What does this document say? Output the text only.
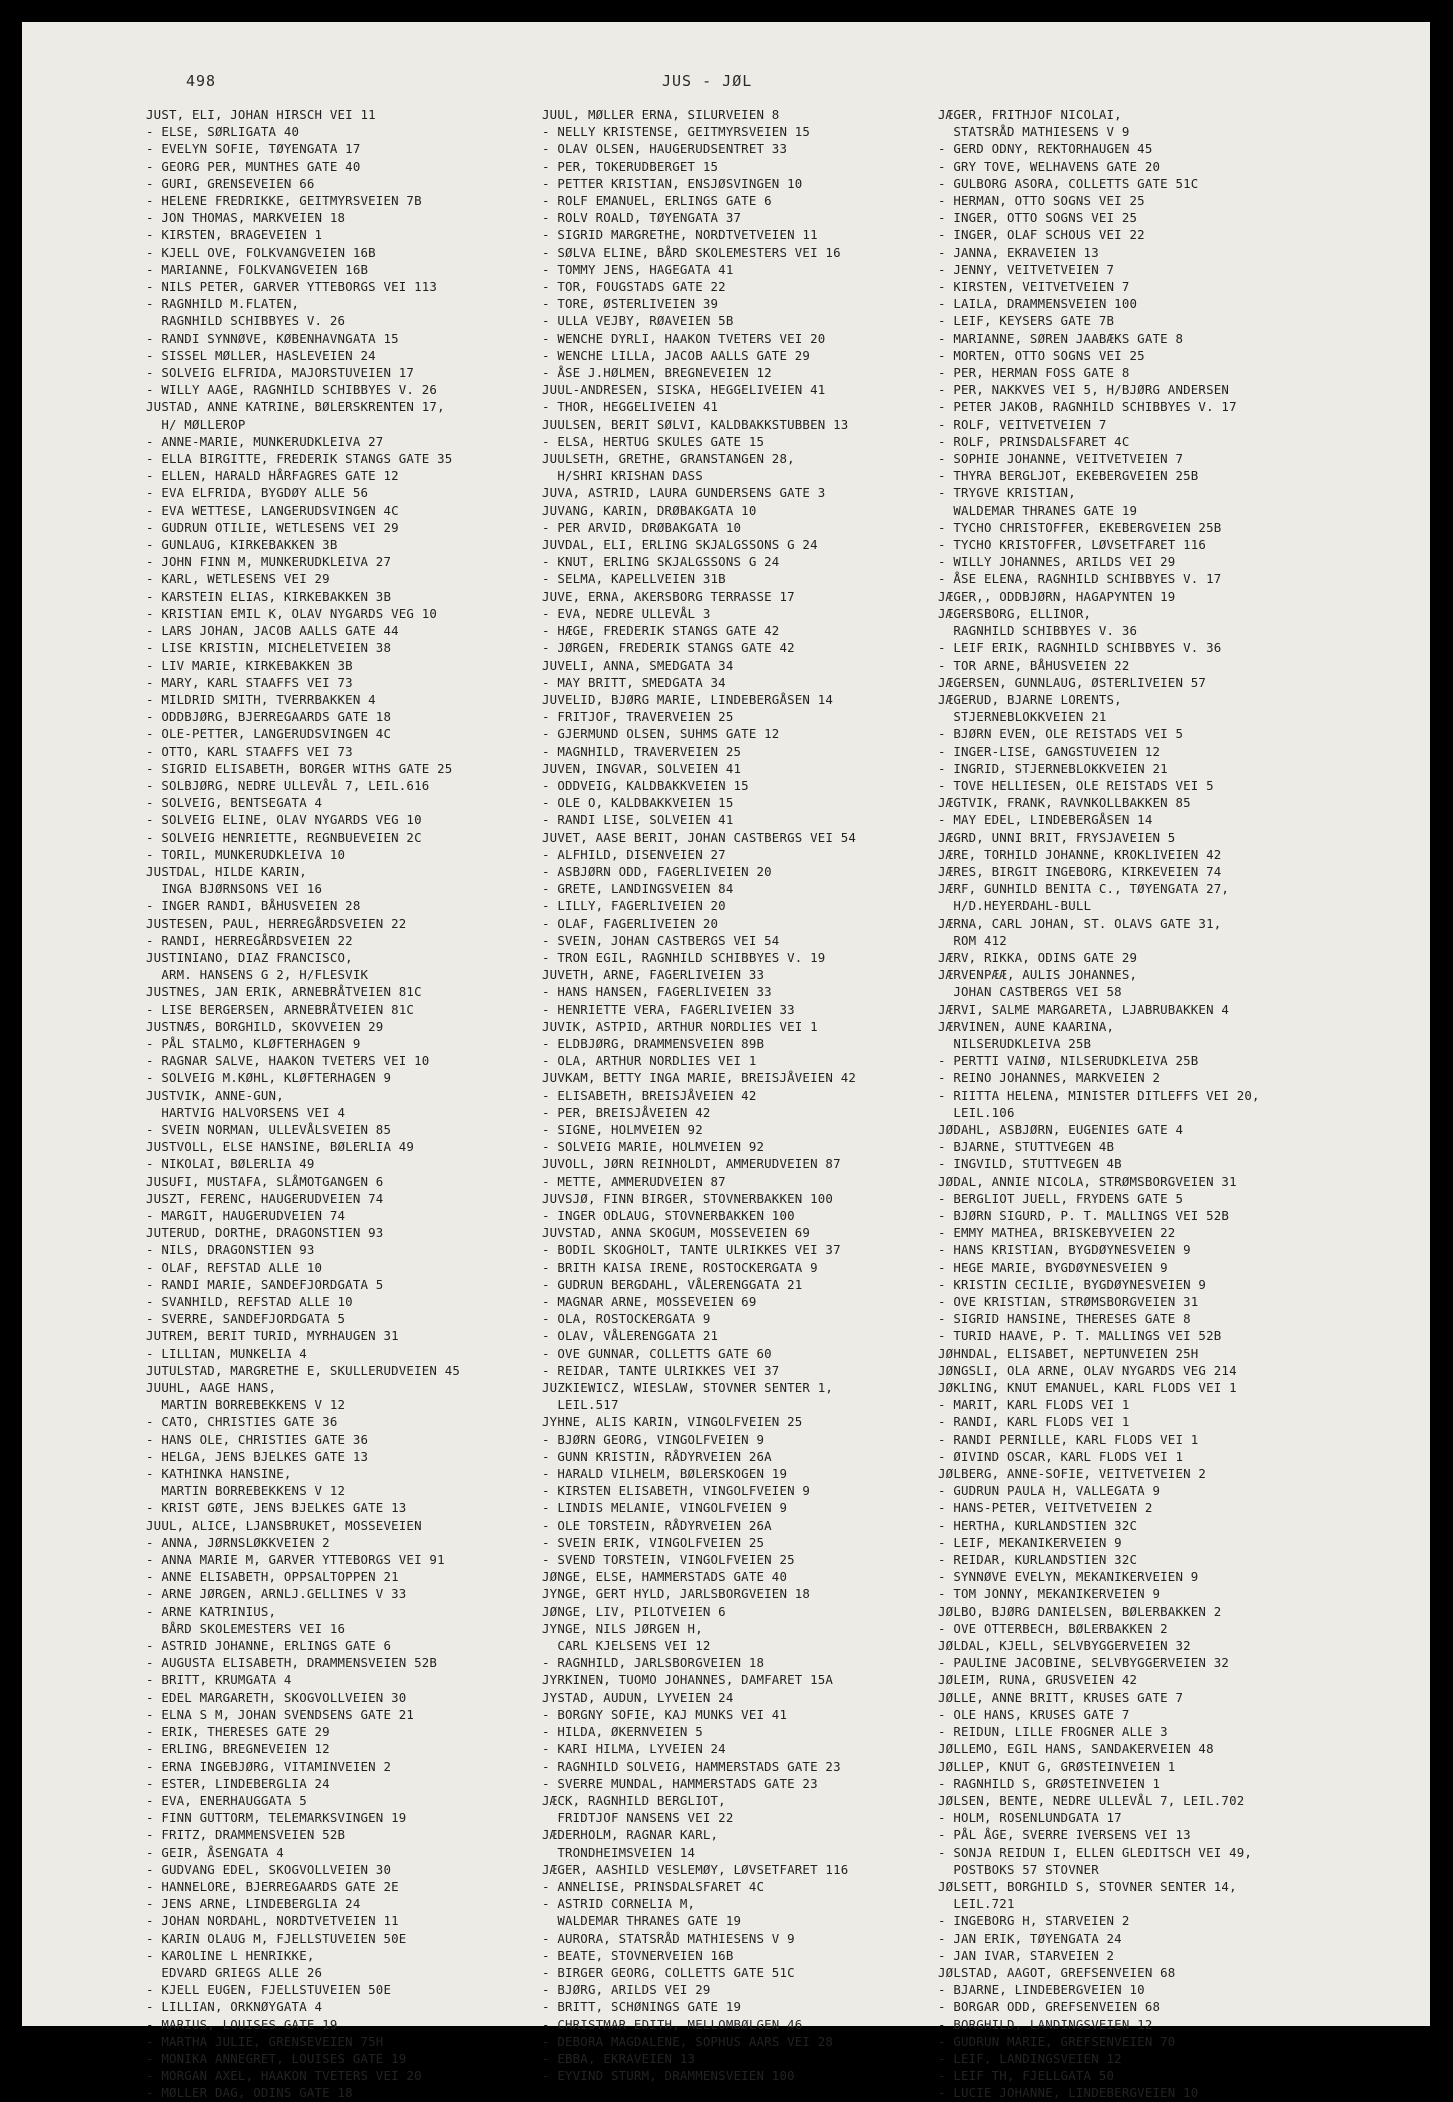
498	JUS - JØL
JUST, ELI, JOHAN HIRSCH VEI 11
- ELSE, SØRLIGATA 40
- EVELYN SOFIE, TØYENGATA 17
- GEORG PER, MUNTHES GATE 40
- GURI, GRENSEVEIEN 66
- HELENE FREDRIKKE, GEITMYRSVEIEN 7B
- JON THOMAS, MARKVEIEN 18
- KIRSTEN, BRAGEVEIEN 1
- KJELL OVE, FOLKVANGVEIEN 16B
- MARIANNE, FOLKVANGVEIEN 16B
- NILS PETER, GARVER YTTEBORGS VEI 113
- RAGNHILD M.FLATEN,
RAGNHILD SCHIBBYES V. 26
- RANDI SYNNØVE, KØBENHAVNGATA 15
- SISSEL MØLLER, HASLEVEIEN 24
- SOLVEIG ELFRIDA, MAJORSTUVEIEN 17
- WILLY AAGE, RAGNHILD SCHIBBYES V. 26
JUSTAD, ANNE KATRINE, BØLERSKRENTEN 17,
H/ MØLLEROP
- ANNE-MARIE, MUNKERUDKLEIVA 27
- ELLA BIRGITTE, FREDERIK STANGS GATE 35
- ELLEN, HARALD HÅRFAGRES GATE 12
- EVA ELFRIDA, BYGDØY ALLE 56
- EVA WETTESE, LANGERUDSVINGEN 4C
- GUDRUN OTILIE, WETLESENS VEI 29
- GUNLAUG, KIRKEBAKKEN 3B
- JOHN FINN M, MUNKERUDKLEIVA 27
- KARL, WETLESENS VEI 29
- KARSTEIN ELIAS, KIRKEBAKKEN 3B
- KRISTIAN EMIL K, OLAV NYGARDS VEG 10
- LARS JOHAN, JACOB AALLS GATE 44
- LISE KRISTIN, MICHELETVEIEN 38
- LIV MARIE, KIRKEBAKKEN 3B
- MARY, KARL STAAFFS VEI 73
- MILDRID SMITH, TVERRBAKKEN 4
- ODDBJØRG, BJERREGAARDS GATE 18
- OLE-PETTER, LANGERUDSVINGEN 4C
- OTTO, KARL STAAFFS VEI 73
- SIGRID ELISABETH, BORGER WITHS GATE 25
- SOLBJØRG, NEDRE ULLEVÅL 7, LEIL.616
- SOLVEIG, BENTSEGATA 4
- SOLVEIG ELINE, OLAV NYGARDS VEG 10
- SOLVEIG HENRIETTE, REGNBUEVEIEN 2C
- TORIL, MUNKERUDKLEIVA 10
JUSTDAL, HILDE KARIN,
INGA BJØRNSONS VEI 16
- INGER RANDI, BÅHUSVEIEN 28
JUSTESEN, PAUL, HERREGÅRDSVEIEN 22
- RANDI, HERREGÅRDSVEIEN 22
JUSTINIANO, DIAZ FRANCISCO,
ARM. HANSENS G 2, H/FLESVIK
JUSTNES, JAN ERIK, ARNEBRÅTVEIEN 81C
- LISE BERGERSEN, ARNEBRÅTVEIEN 81C
JUSTNÆS, BORGHILD, SKOVVEIEN 29
- PÅL STALMO, KLØFTERHAGEN 9
- RAGNAR SALVE, HAAKON TVETERS VEI 10
- SOLVEIG M.KØHL, KLØFTERHAGEN 9
JUSTVIK, ANNE-GUN,
HARTVIG HALVORSENS VEI 4
- SVEIN NORMAN, ULLEVÅLSVEIEN 85
JUSTVOLL, ELSE HANSINE, BØLERLIA 49
- NIKOLAI, BØLERLIA 49
JUSUFI, MUSTAFA, SLÅMOTGANGEN 6
JUSZT, FERENC, HAUGERUDVEIEN 74
- MARGIT, HAUGERUDVEIEN 74
JUTERUD, DORTHE, DRAGONSTIEN 93
- NILS, DRAGONSTIEN 93
- OLAF, REFSTAD ALLE 10
- RANDI MARIE, SANDEFJORDGATA 5
- SVANHILD, REFSTAD ALLE 10
- SVERRE, SANDEFJORDGATA 5
JUTREM, BERIT TURID, MYRHAUGEN 31
- LILLIAN, MUNKELIA 4
JUTULSTAD, MARGRETHE E, SKULLERUDVEIEN 45
JUUHL, AAGE HANS,
MARTIN BORREBEKKENS V 12
- CATO, CHRISTIES GATE 36
- HANS OLE, CHRISTIES GATE 36
- HELGA, JENS BJELKES GATE 13
- KATHINKA HANSINE,
MARTIN BORREBEKKENS V 12
- KRIST GØTE, JENS BJELKES GATE 13
JUUL, ALICE, LJANSBRUKET, MOSSEVEIEN
- ANNA, JØRNSLØKKVEIEN 2
- ANNA MARIE M, GARVER YTTEBORGS VEI 91
- ANNE ELISABETH, OPPSALTOPPEN 21
- ARNE JØRGEN, ARNLJ.GELLINES V 33
- ARNE KATRINIUS,
BÅRD SKOLEMESTERS VEI 16
- ASTRID JOHANNE, ERLINGS GATE 6
- AUGUSTA ELISABETH, DRAMMENSVEIEN 52B
- BRITT, KRUMGATA 4
- EDEL MARGARETH, SKOGVOLLVEIEN 30
- ELNA S M, JOHAN SVENDSENS GATE 21
- ERIK, THERESES GATE 29
- ERLING, BREGNEVEIEN 12
- ERNA INGEBJØRG, VITAMINVEIEN 2
- ESTER, LINDEBERGLIA 24
- EVA, ENERHAUGGATA 5
- FINN GUTTORM, TELEMARKSVINGEN 19
- FRITZ, DRAMMENSVEIEN 52B
- GEIR, ÅSENGATA 4
- GUDVANG EDEL, SKOGVOLLVEIEN 30
- HANNELORE, BJERREGAARDS GATE 2E
- JENS ARNE, LINDEBERGLIA 24
- JOHAN NORDAHL, NORDTVETVEIEN 11
- KARIN OLAUG M, FJELLSTUVEIEN 50E
- KAROLINE L HENRIKKE,
EDVARD GRIEGS ALLE 26
- KJELL EUGEN, FJELLSTUVEIEN 50E
- LILLIAN, ORKNØYGATA 4
- MARIUS, LOUISES GATE 19
- MARTHA JULIE, GRENSEVEIEN 75H
- MONIKA ANNEGRET, LOUISES GATE 19
- MORGAN AXEL, HAAKON TVETERS VEI 20
- MØLLER DAG, ODINS GATE 18
JUUL, MØLLER ERNA, SILURVEIEN 8
- NELLY KRISTENSE, GEITMYRSVEIEN 15
- OLAV OLSEN, HAUGERUDSENTRET 33
- PER, TOKERUDBERGET 15
- PETTER KRISTIAN, ENSJØSVINGEN 10
- ROLF EMANUEL, ERLINGS GATE 6
- ROLV ROALD, TØYENGATA 37
- SIGRID MARGRETHE, NORDTVETVEIEN 11
- SØLVA ELINE, BÅRD SKOLEMESTERS VEI 16
- TOMMY JENS, HAGEGATA 41
- TOR, FOUGSTADS GATE 22
- TORE, ØSTERLIVEIEN 39
- ULLA VEJBY, RØAVEIEN 5B
- WENCHE DYRLI, HAAKON TVETERS VEI 20
- WENCHE LILLA, JACOB AALLS GATE 29
- ÅSE J.HØLMEN, BREGNEVEIEN 12
JUUL-ANDRESEN, SISKA, HEGGELIVEIEN 41
- THOR, HEGGELIVEIEN 41
JUULSEN, BERIT SØLVI, KALDBAKKSTUBBEN 13
- ELSA, HERTUG SKULES GATE 15
JUULSETH, GRETHE, GRANSTANGEN 28,
H/SHRI KRISHAN DASS
JUVA, ASTRID, LAURA GUNDERSENS GATE 3
JUVANG, KARIN, DRØBAKGATA 10
- PER ARVID, DRØBAKGATA 10
JUVDAL, ELI, ERLING SKJALGSSONS G 24
- KNUT, ERLING SKJALGSSONS G 24
- SELMA, KAPELLVEIEN 31B
JUVE, ERNA, AKERSBORG TERRASSE 17
- EVA, NEDRE ULLEVÅL 3
- HÆGE, FREDERIK STANGS GATE 42
- JØRGEN, FREDERIK STANGS GATE 42
JUVELI, ANNA, SMEDGATA 34
- MAY BRITT, SMEDGATA 34
JUVELID, BJØRG MARIE, LINDEBERGÅSEN 14
- FRITJOF, TRAVERVEIEN 25
- GJERMUND OLSEN, SUHMS GATE 12
- MAGNHILD, TRAVERVEIEN 25
JUVEN, INGVAR, SOLVEIEN 41
- ODDVEIG, KALDBAKKVEIEN 15
- OLE O, KALDBAKKVEIEN 15
- RANDI LISE, SOLVEIEN 41
JUVET, AASE BERIT, JOHAN CASTBERGS VEI 54
- ALFHILD, DISENVEIEN 27
- ASBJØRN ODD, FAGERLIVEIEN 20
- GRETE, LANDINGSVEIEN 84
- LILLY, FAGERLIVEIEN 20
- OLAF, FAGERLIVEIEN 20
- SVEIN, JOHAN CASTBERGS VEI 54
- TRON EGIL, RAGNHILD SCHIBBYES V. 19
JUVETH, ARNE, FAGERLIVEIEN 33
- HANS HANSEN, FAGERLIVEIEN 33
- HENRIETTE VERA, FAGERLIVEIEN 33
JUVIK, ASTPID, ARTHUR NORDLIES VEI 1
- ELDBJØRG, DRAMMENSVEIEN 89B
- OLA, ARTHUR NORDLIES VEI 1
JUVKAM, BETTY INGA MARIE, BREISJÅVEIEN 42
- ELISABETH, BREISJÅVEIEN 42
- PER, BREISJÅVEIEN 42
- SIGNE, HOLMVEIEN 92
- SOLVEIG MARIE, HOLMVEIEN 92
JUVOLL, JØRN REINHOLDT, AMMERUDVEIEN 87
- METTE, AMMERUDVEIEN 87
JUVSJØ, FINN BIRGER, STOVNERBAKKEN 100
- INGER ODLAUG, STOVNERBAKKEN 100
JUVSTAD, ANNA SKOGUM, MOSSEVEIEN 69
- BODIL SKOGHOLT, TANTE ULRIKKES VEI 37
- BRITH KAISA IRENE, ROSTOCKERGATA 9
- GUDRUN BERGDAHL, VÅLERENGGATA 21
- MAGNAR ARNE, MOSSEVEIEN 69
- OLA, ROSTOCKERGATA 9
- OLAV, VÅLERENGGATA 21
- OVE GUNNAR, COLLETTS GATE 60
- REIDAR, TANTE ULRIKKES VEI 37
JUZKIEWICZ, WIESLAW, STOVNER SENTER 1,
LEIL.517
JYHNE, ALIS KARIN, VINGOLFVEIEN 25
- BJØRN GEORG, VINGOLFVEIEN 9
- GUNN KRISTIN, RÅDYRVEIEN 26A
- HARALD VILHELM, BØLERSKOGEN 19
- KIRSTEN ELISABETH, VINGOLFVEIEN 9
- LINDIS MELANIE, VINGOLFVEIEN 9
- OLE TORSTEIN, RÅDYRVEIEN 26A
- SVEIN ERIK, VINGOLFVEIEN 25
- SVEND TORSTEIN, VINGOLFVEIEN 25
JØNGE, ELSE, HAMMERSTADS GATE 40
JYNGE, GERT HYLD, JARLSBORGVEIEN 18
JØNGE, LIV, PILOTVEIEN 6
JYNGE, NILS JØRGEN H,
CARL KJELSENS VEI 12
- RAGNHILD, JARLSBORGVEIEN 18
JYRKINEN, TUOMO JOHANNES, DAMFARET 15A
JYSTAD, AUDUN, LYVEIEN 24
- BORGNY SOFIE, KAJ MUNKS VEI 41
- HILDA, ØKERNVEIEN 5
- KARI HILMA, LYVEIEN 24
- RAGNHILD SOLVEIG, HAMMERSTADS GATE 23
- SVERRE MUNDAL, HAMMERSTADS GATE 23
JÆCK, RAGNHILD BERGLIOT,
FRIDTJOF NANSENS VEI 22
JÆDERHOLM, RAGNAR KARL,
TRONDHEIMSVEIEN 14
JÆGER, AASHILD VESLEMØY, LØVSETFARET 116
- ANNELISE, PRINSDALSFARET 4C
- ASTRID CORNELIA M,
WALDEMAR THRANES GATE 19
- AURORA, STATSRÅD MATHIESENS V 9
- BEATE, STOVNERVEIEN 16B
- BIRGER GEORG, COLLETTS GATE 51C
- BJØRG, ARILDS VEI 29
- BRITT, SCHØNINGS GATE 19
- CHRISTMAR EDITH, MELLOMBØLGEN 46
- DEBORA MAGDALENE, SOPHUS AARS VEI 28
- EBBA, EKRAVEIEN 13
- EYVIND STURM, DRAMMENSVEIEN 100
JÆGER, FRITHJOF NICOLAI,
STATSRÅD MATHIESENS V 9
- GERD ODNY, REKTORHAUGEN 45
- GRY TOVE, WELHAVENS GATE 20
- GULBORG ASORA, COLLETTS GATE 51C
- HERMAN, OTTO SOGNS VEI 25
- INGER, OTTO SOGNS VEI 25
- INGER, OLAF SCHOUS VEI 22
- JANNA, EKRAVEIEN 13
- JENNY, VEITVETVEIEN 7
- KIRSTEN, VEITVETVEIEN 7
- LAILA, DRAMMENSVEIEN 100
- LEIF, KEYSERS GATE 7B
- MARIANNE, SØREN JAABÆKS GATE 8
- MORTEN, OTTO SOGNS VEI 25
- PER, HERMAN FOSS GATE 8
- PER, NAKKVES VEI 5, H/BJØRG ANDERSEN
- PETER JAKOB, RAGNHILD SCHIBBYES V. 17
- ROLF, VEITVETVEIEN 7
- ROLF, PRINSDALSFARET 4C
- SOPHIE JOHANNE, VEITVETVEIEN 7
- THYRA BERGLJOT, EKEBERGVEIEN 25B
- TRYGVE KRISTIAN,
WALDEMAR THRANES GATE 19
- TYCHO CHRISTOFFER, EKEBERGVEIEN 25B
- TYCHO KRISTOFFER, LØVSETFARET 116
- WILLY JOHANNES, ARILDS VEI 29
- ÅSE ELENA, RAGNHILD SCHIBBYES V. 17
JÆGER,, ODDBJØRN, HAGAPYNTEN 19
JÆGERSBORG, ELLINOR,
RAGNHILD SCHIBBYES V. 36
- LEIF ERIK, RAGNHILD SCHIBBYES V. 36
- TOR ARNE, BÅHUSVEIEN 22
JÆGERSEN, GUNNLAUG, ØSTERLIVEIEN 57
JÆGERUD, BJARNE LORENTS,
STJERNEBLOKKVEIEN 21
- BJØRN EVEN, OLE REISTADS VEI 5
- INGER-LISE, GANGSTUVEIEN 12
- INGRID, STJERNEBLOKKVEIEN 21
- TOVE HELLIESEN, OLE REISTADS VEI 5
JÆGTVIK, FRANK, RAVNKOLLBAKKEN 85
- MAY EDEL, LINDEBERGÅSEN 14
JÆGRD, UNNI BRIT, FRYSJAVEIEN 5
JÆRE, TORHILD JOHANNE, KROKLIVEIEN 42
JÆRES, BIRGIT INGEBORG, KIRKEVEIEN 74
JÆRF, GUNHILD BENITA C., TØYENGATA 27,
H/D.HEYERDAHL-BULL
JÆRNA, CARL JOHAN, ST. OLAVS GATE 31,
ROM 412
JÆRV, RIKKA, ODINS GATE 29
JÆRVENPÆÆ, AULIS JOHANNES,
JOHAN CASTBERGS VEI 58
JÆRVI, SALME MARGARETA, LJABRUBAKKEN 4
JÆRVINEN, AUNE KAARINA,
NILSERUDKLEIVA 25B
- PERTTI VAINØ, NILSERUDKLEIVA 25B
- REINO JOHANNES, MARKVEIEN 2
- RIITTA HELENA, MINISTER DITLEFFS VEI 20,
LEIL.106
JØDAHL, ASBJØRN, EUGENIES GATE 4
- BJARNE, STUTTVEGEN 4B
- INGVILD, STUTTVEGEN 4B
JØDAL, ANNIE NICOLA, STRØMSBORGVEIEN 31
- BERGLIOT JUELL, FRYDENS GATE 5
- BJØRN SIGURD, P. T. MALLINGS VEI 52B
- EMMY MATHEA, BRISKEBYVEIEN 22
- HANS KRISTIAN, BYGDØYNESVEIEN 9
- HEGE MARIE, BYGDØYNESVEIEN 9
- KRISTIN CECILIE, BYGDØYNESVEIEN 9
- OVE KRISTIAN, STRØMSBORGVEIEN 31
- SIGRID HANSINE, THERESES GATE 8
- TURID HAAVE, P. T. MALLINGS VEI 52B
JØHNDAL, ELISABET, NEPTUNVEIEN 25H
JØNGSLI, OLA ARNE, OLAV NYGARDS VEG 214
JØKLING, KNUT EMANUEL, KARL FLODS VEI 1
- MARIT, KARL FLODS VEI 1
- RANDI, KARL FLODS VEI 1
- RANDI PERNILLE, KARL FLODS VEI 1
- ØIVIND OSCAR, KARL FLODS VEI 1
JØLBERG, ANNE-SOFIE, VEITVETVEIEN 2
- GUDRUN PAULA H, VALLEGATA 9
- HANS-PETER, VEITVETVEIEN 2
- HERTHA, KURLANDSTIEN 32C
- LEIF, MEKANIKERVEIEN 9
- REIDAR, KURLANDSTIEN 32C
- SYNNØVE EVELYN, MEKANIKERVEIEN 9
- TOM JONNY, MEKANIKERVEIEN 9
JØLBO, BJØRG DANIELSEN, BØLERBAKKEN 2
- OVE OTTERBECH, BØLERBAKKEN 2
JØLDAL, KJELL, SELVBYGGERVEIEN 32
- PAULINE JACOBINE, SELVBYGGERVEIEN 32
JØLEIM, RUNA, GRUSVEIEN 42
JØLLE, ANNE BRITT, KRUSES GATE 7
- OLE HANS, KRUSES GATE 7
- REIDUN, LILLE FROGNER ALLE 3
JØLLEMO, EGIL HANS, SANDAKERVEIEN 48
JØLLEP, KNUT G, GRØSTEINVEIEN 1
- RAGNHILD S, GRØSTEINVEIEN 1
JØLSEN, BENTE, NEDRE ULLEVÅL 7, LEIL.702
- HOLM, ROSENLUNDGATA 17
- PÅL ÅGE, SVERRE IVERSENS VEI 13
- SONJA REIDUN I, ELLEN GLEDITSCH VEI 49,
POSTBOKS 57 STOVNER
JØLSETT, BORGHILD S, STOVNER SENTER 14,
LEIL.721
- INGEBORG H, STARVEIEN 2
- JAN ERIK, TØYENGATA 24
- JAN IVAR, STARVEIEN 2
JØLSTAD, AAGOT, GREFSENVEIEN 68
- BJARNE, LINDEBERGVEIEN 10
- BORGAR ODD, GREFSENVEIEN 68
- BORGHILD, LANDINGSVEIEN 12
- GUDRUN MARIE, GREFSENVEIEN 70
- LEIF, LANDINGSVEIEN 12
- LEIF TH, FJELLGATA 50
- LUCIE JOHANNE, LINDEBERGVEIEN 10
